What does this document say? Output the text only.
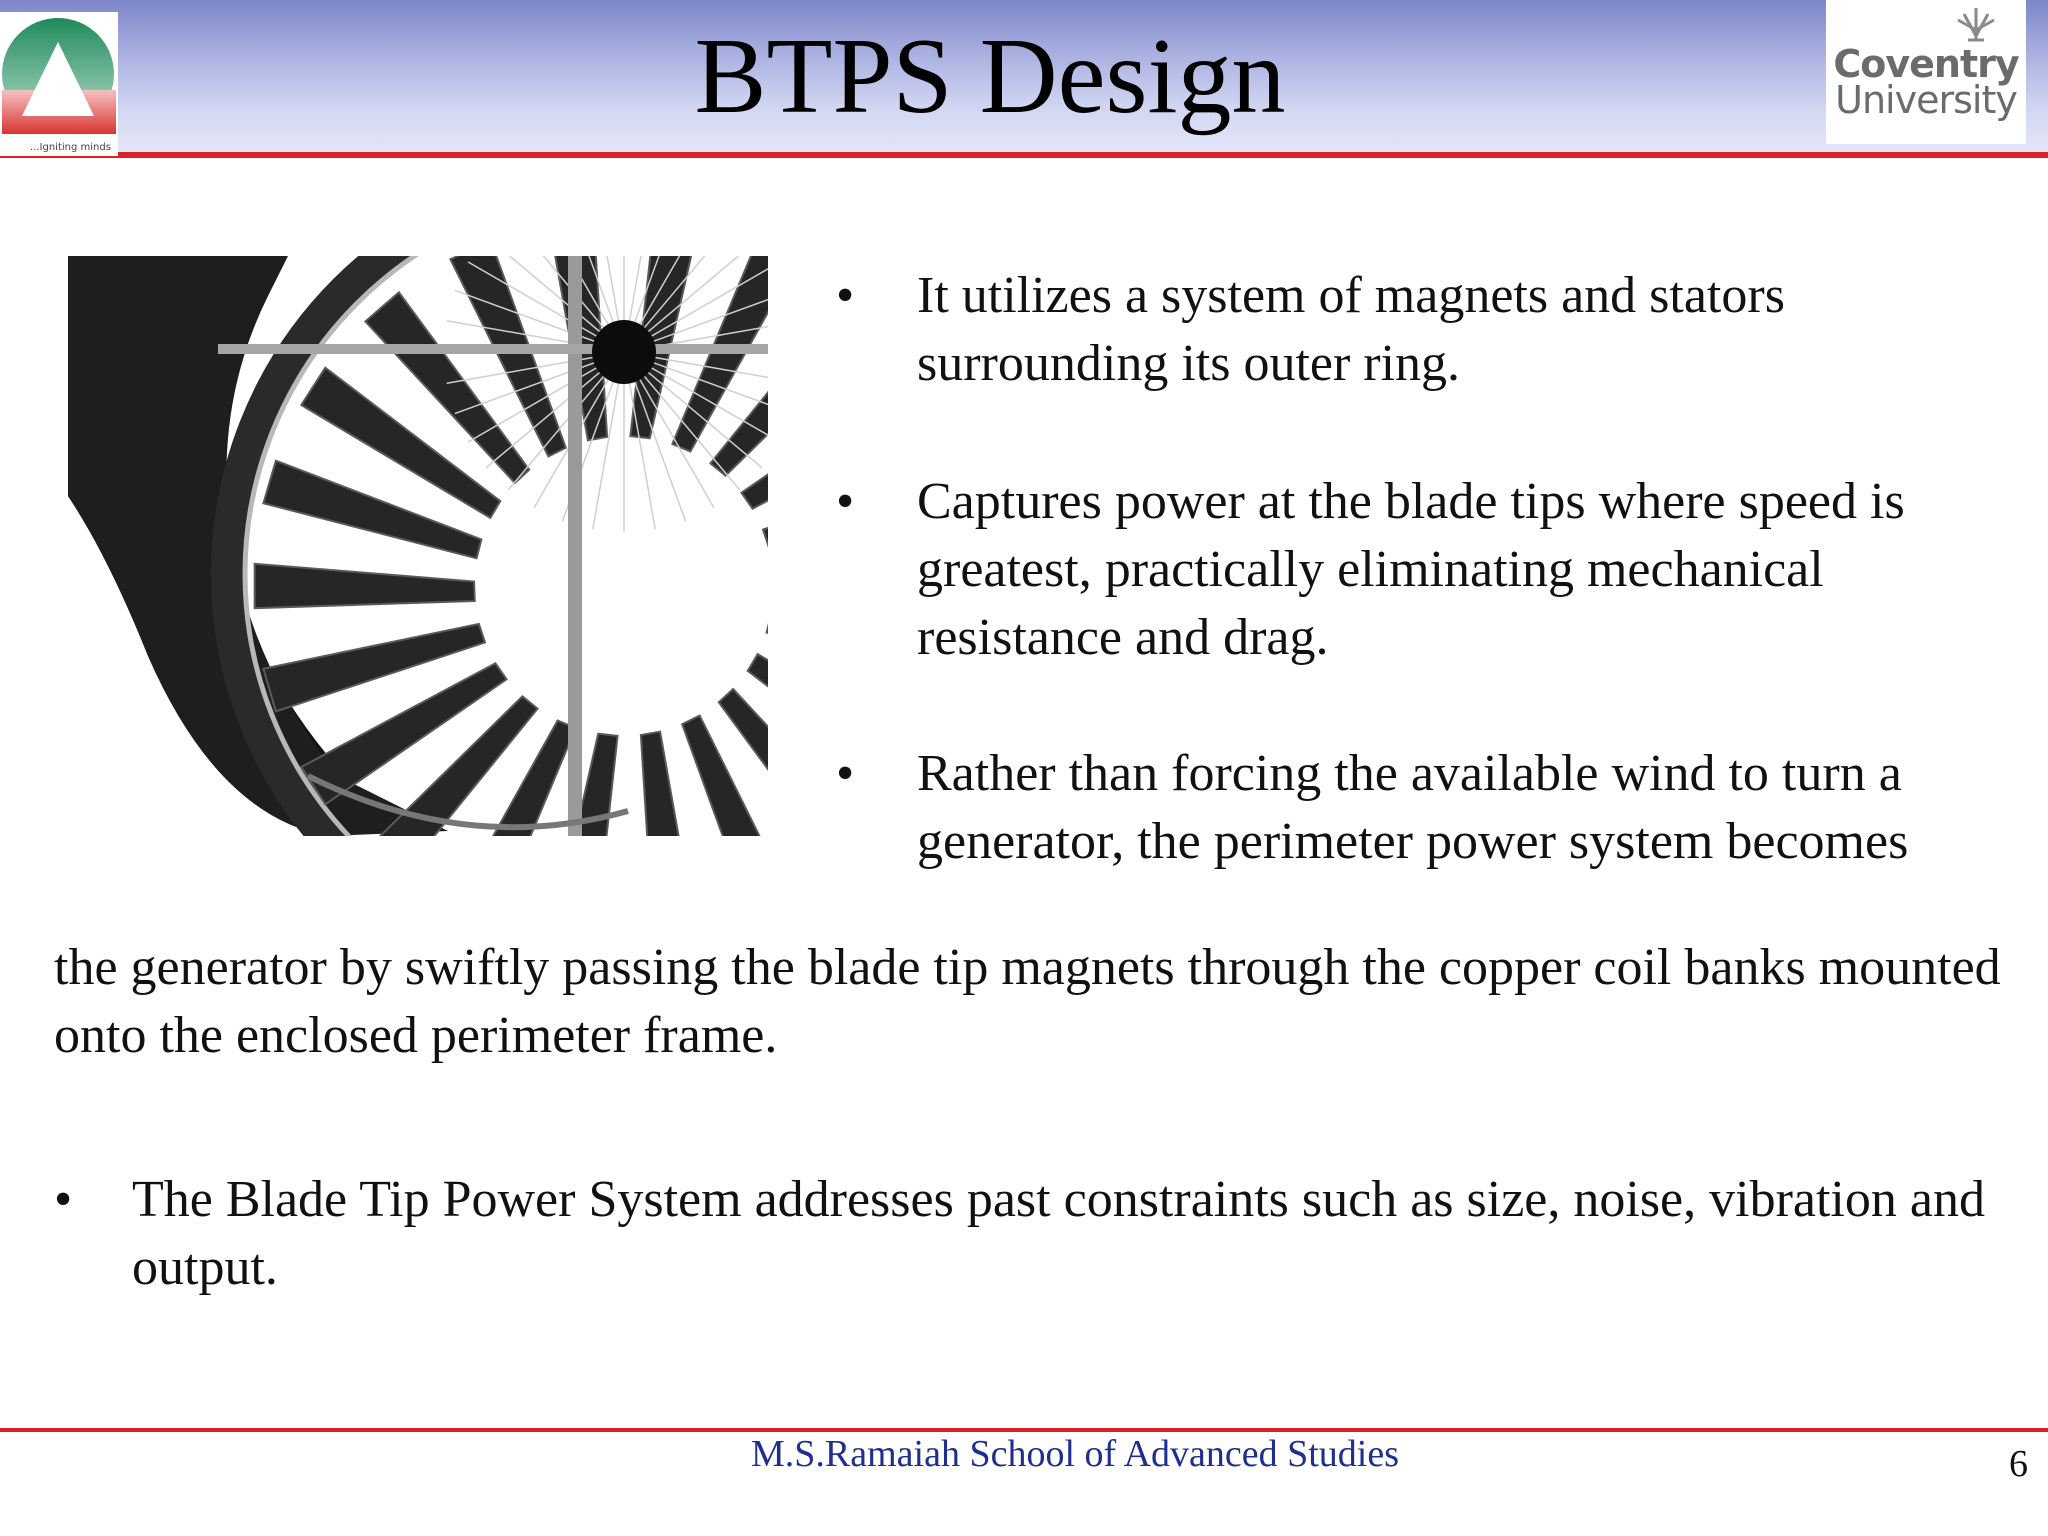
...Igniting minds
BTPS Design	Coventry
University
• It utilizes a system of magnets and stators surrounding its outer ring.
• Captures power at the blade tips where speed is greatest, practically eliminating mechanical resistance and drag.
• Rather than forcing the available wind to turn a generator, the perimeter power system becomes
the generator by swiftly passing the blade tip magnets through the copper coil banks mounted onto the enclosed perimeter frame.
• The Blade Tip Power System addresses past constraints such as size, noise, vibration and output.
M.S.Ramaiah School of Advanced Studies	6
